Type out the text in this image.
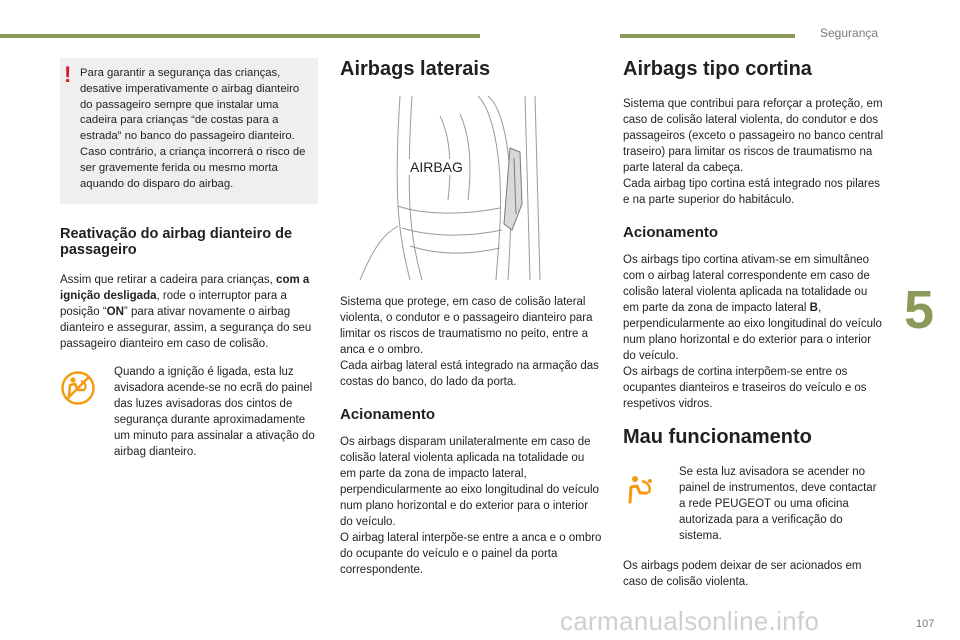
Segurança
5
107
carmanualsonline.info
! Para garantir a segurança das crianças, desative imperativamente o airbag dianteiro do passageiro sempre que instalar uma cadeira para crianças “de costas para a estrada” no banco do passageiro dianteiro.

Caso contrário, a criança incorrerá o risco de ser gravemente ferida ou mesmo morta aquando do disparo do airbag.

Reativação do airbag dianteiro de passageiro

Assim que retirar a cadeira para crianças, com a ignição desligada, rode o interruptor para a posição “ON” para ativar novamente o airbag dianteiro e assegurar, assim, a segurança do seu passageiro dianteiro em caso de colisão.

Quando a ignição é ligada, esta luz avisadora acende-se no ecrã do painel das luzes avisadoras dos cintos de segurança durante aproximadamente um minuto para assinalar a ativação do airbag dianteiro.

Airbags laterais
AIRBAG

Sistema que protege, em caso de colisão lateral violenta, o condutor e o passageiro dianteiro para limitar os riscos de traumatismo no peito, entre a anca e o ombro.

Cada airbag lateral está integrado na armação das costas do banco, do lado da porta.

Acionamento

Os airbags disparam unilateralmente em caso de colisão lateral violenta aplicada na totalidade ou em parte da zona de impacto lateral, perpendicularmente ao eixo longitudinal do veículo num plano horizontal e do exterior para o interior do veículo.

O airbag lateral interpõe-se entre a anca e o ombro do ocupante do veículo e o painel da porta correspondente.

Airbags tipo cortina

Sistema que contribui para reforçar a proteção, em caso de colisão lateral violenta, do condutor e dos passageiros (exceto o passageiro no banco central traseiro) para limitar os riscos de traumatismo na parte lateral da cabeça.

Cada airbag tipo cortina está integrado nos pilares e na parte superior do habitáculo.

Acionamento

Os airbags tipo cortina ativam-se em simultâneo com o airbag lateral correspondente em caso de colisão lateral violenta aplicada na totalidade ou em parte da zona de impacto lateral B, perpendicularmente ao eixo longitudinal do veículo num plano horizontal e do exterior para o interior do veículo.

Os airbags de cortina interpõem-se entre os ocupantes dianteiros e traseiros do veículo e os respetivos vidros.

Mau funcionamento

Se esta luz avisadora se acender no painel de instrumentos, deve contactar a rede PEUGEOT ou uma oficina autorizada para a verificação do sistema.

Os airbags podem deixar de ser acionados em caso de colisão violenta.
